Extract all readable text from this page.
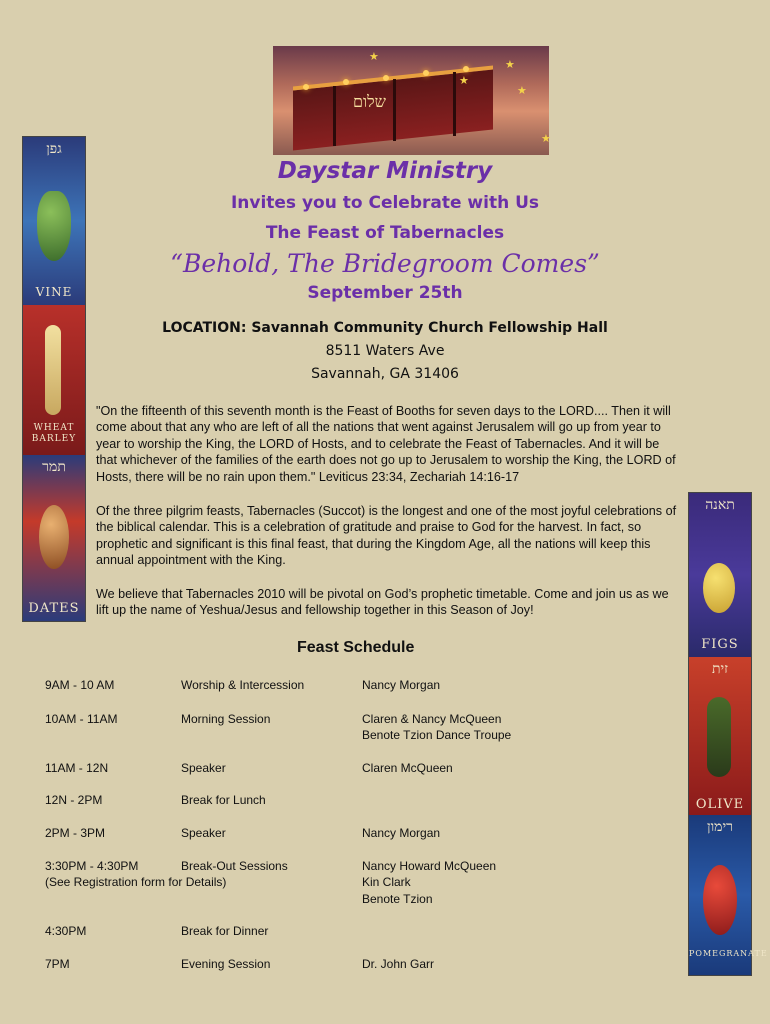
שלום
★
★
★
★
★
גפן
VINE
WHEAT BARLEY
תמר
DATES
תאנה
FIGS
זית
OLIVE
רימון
POMEGRANATE
Daystar Ministry
Invites you to Celebrate with Us
The Feast of Tabernacles
“Behold, The Bridegroom Comes”
September 25th
LOCATION: Savannah Community Church Fellowship Hall
8511 Waters Ave
Savannah, GA 31406
"On the fifteenth of this seventh month is the Feast of Booths for seven days to the LORD.... Then it will come about that any who are left of all the nations that went against Jerusalem will go up from year to year to worship the King, the LORD of Hosts, and to celebrate the Feast of Tabernacles. And it will be that whichever of the families of the earth does not go up to Jerusalem to worship the King, the LORD of Hosts, there will be no rain upon them." Leviticus 23:34, Zechariah 14:16-17
Of the three pilgrim feasts, Tabernacles (Succot) is the longest and one of the most joyful celebrations of the biblical calendar. This is a celebration of gratitude and praise to God for the harvest. In fact, so prophetic and significant is this final feast, that during the Kingdom Age, all the nations will keep this annual appointment with the King.
We believe that Tabernacles 2010 will be pivotal on God’s prophetic timetable. Come and join us as we lift up the name of Yeshua/Jesus and fellowship together in this Season of Joy!
Feast Schedule
9AM - 10 AM	Worship & Intercession	Nancy Morgan
10AM - 11AM	Morning Session	Claren & Nancy McQueen
Benote Tzion Dance Troupe
11AM - 12N	Speaker	Claren McQueen
12N - 2PM	Break for Lunch
2PM - 3PM	Speaker	Nancy Morgan
3:30PM - 4:30PM	Break-Out Sessions	Nancy Howard McQueen
Kin Clark
Benote Tzion
(See Registration form for Details)
4:30PM	Break for Dinner
7PM	Evening Session	Dr. John Garr
